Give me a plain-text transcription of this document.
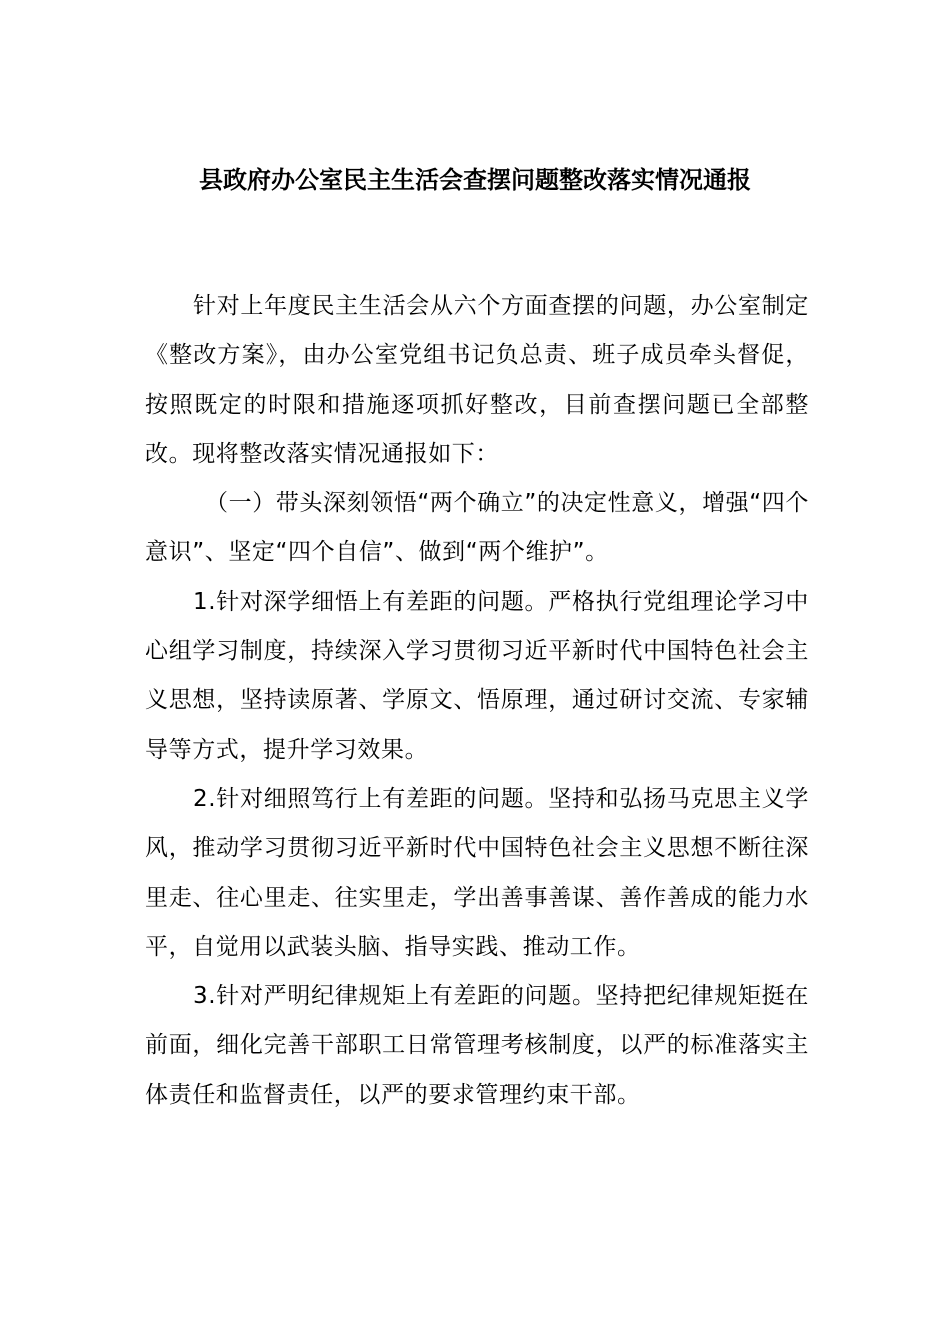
县政府办公室民主生活会查摆问题整改落实情况通报

针对上年度民主生活会从六个方面查摆的问题，办公室制定《整改方案》，由办公室党组书记负总责、班子成员牵头督促，按照既定的时限和措施逐项抓好整改，目前查摆问题已全部整改。现将整改落实情况通报如下：

（一）带头深刻领悟“两个确立”的决定性意义，增强“四个意识”、坚定“四个自信”、做到“两个维护”。

1.针对深学细悟上有差距的问题。严格执行党组理论学习中心组学习制度，持续深入学习贯彻习近平新时代中国特色社会主义思想，坚持读原著、学原文、悟原理，通过研讨交流、专家辅导等方式，提升学习效果。

2.针对细照笃行上有差距的问题。坚持和弘扬马克思主义学风，推动学习贯彻习近平新时代中国特色社会主义思想不断往深里走、往心里走、往实里走，学出善事善谋、善作善成的能力水平，自觉用以武装头脑、指导实践、推动工作。

3.针对严明纪律规矩上有差距的问题。坚持把纪律规矩挺在前面，细化完善干部职工日常管理考核制度，以严的标准落实主体责任和监督责任，以严的要求管理约束干部。
